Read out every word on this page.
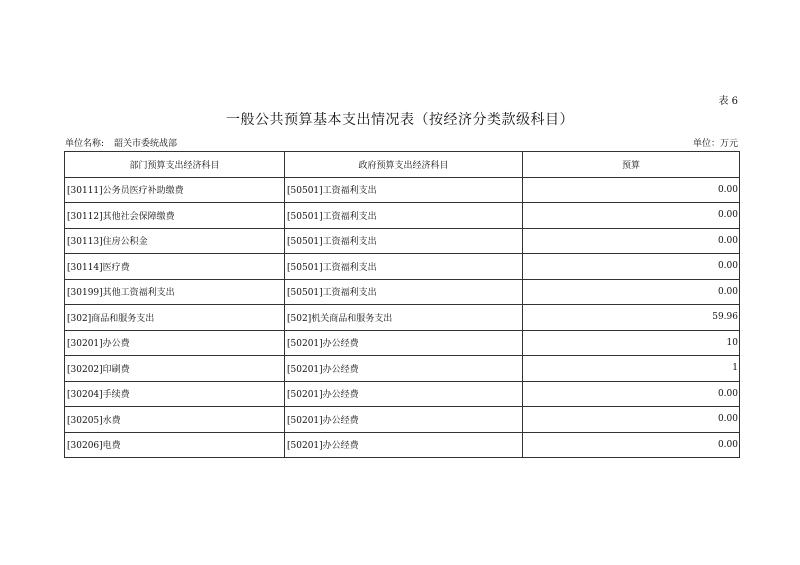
表 6
一般公共预算基本支出情况表（按经济分类款级科目）
单位名称: 韶关市委统战部	单位：万元
部门预算支出经济科目	政府预算支出经济科目	预算
[30111]公务员医疗补助缴费	[50501]工资福利支出	0.00
[30112]其他社会保障缴费	[50501]工资福利支出	0.00
[30113]住房公积金	[50501]工资福利支出	0.00
[30114]医疗费	[50501]工资福利支出	0.00
[30199]其他工资福利支出	[50501]工资福利支出	0.00
[302]商品和服务支出	[502]机关商品和服务支出	59.96
[30201]办公费	[50201]办公经费	10
[30202]印刷费	[50201]办公经费	1
[30204]手续费	[50201]办公经费	0.00
[30205]水费	[50201]办公经费	0.00
[30206]电费	[50201]办公经费	0.00
